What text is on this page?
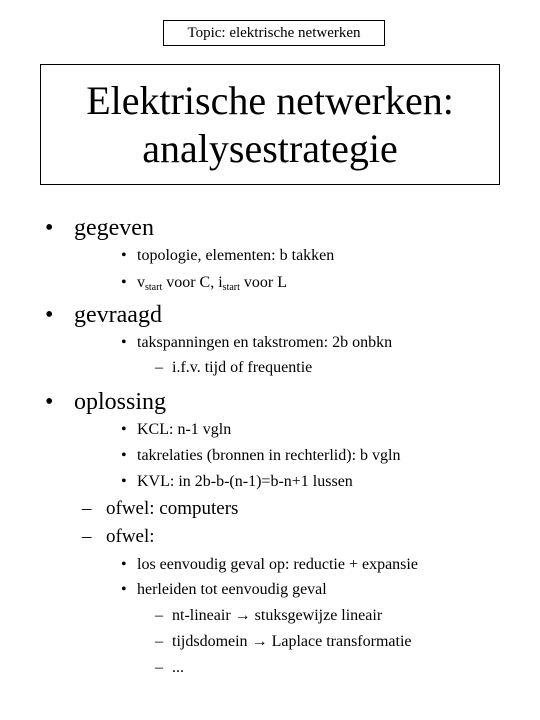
Topic: elektrische netwerken
Elektrische netwerken:
analysestrategie
• gegeven
• topologie, elementen: b takken
• $v_{start}$ voor C, $i_{start}$ voor L
• gevraagd
• takspanningen en takstromen: 2b onbkn
– i.f.v. tijd of frequentie
• oplossing
• KCL: n-1 vgln
• takrelaties (bronnen in rechterlid): b vgln
• KVL: in 2b-b-(n-1)=b-n+1 lussen
– ofwel: computers
– ofwel:
• los eenvoudig geval op: reductie + expansie
• herleiden tot eenvoudig geval
– nt-lineair → stuksgewijze lineair
– tijdsdomein → Laplace transformatie
– ...
